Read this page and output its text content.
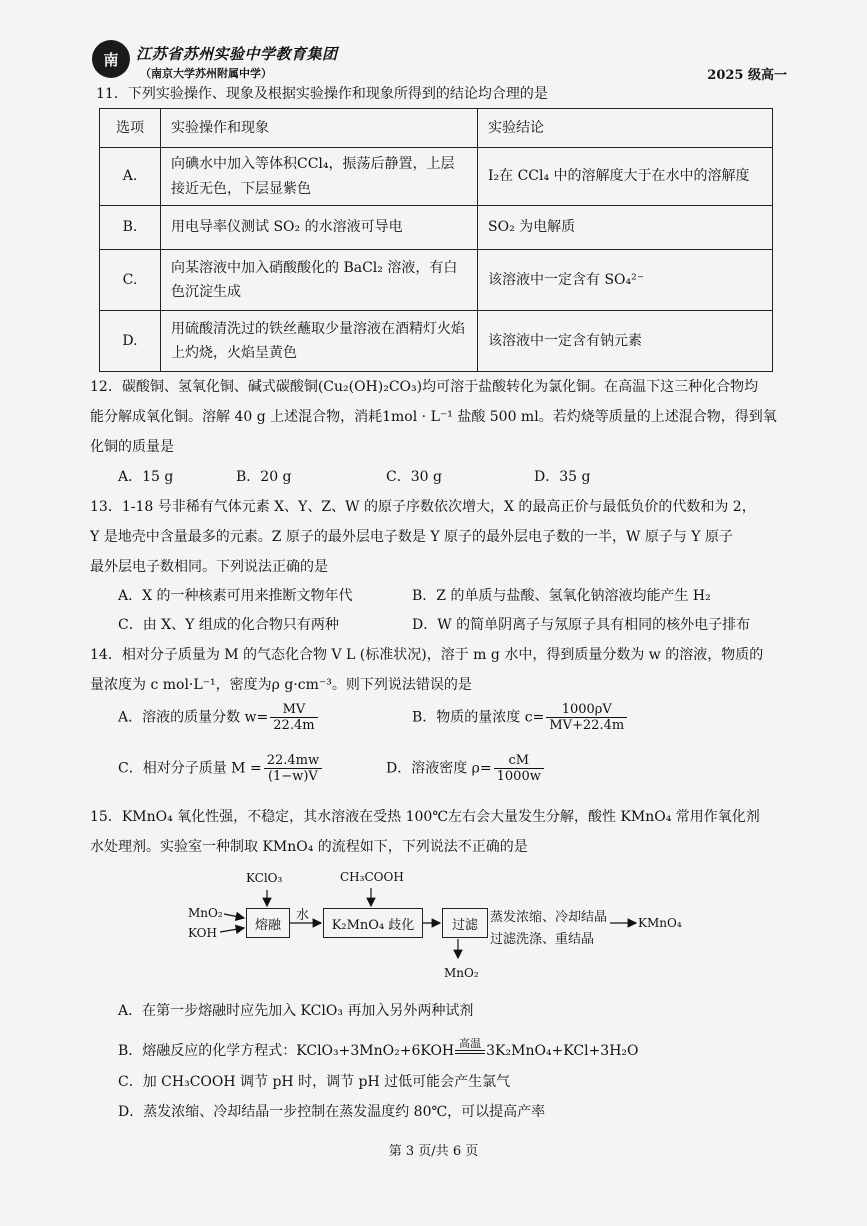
南	江苏省苏州实验中学教育集团
（南京大学苏州附属中学）	2025 级高一
11．下列实验操作、现象及根据实验操作和现象所得到的结论均合理的是
选项	实验操作和现象	实验结论
A.	向碘水中加入等体积CCl₄，振荡后静置，上层接近无色，下层显紫色	I₂在 CCl₄ 中的溶解度大于在水中的溶解度
B.	用电导率仪测试 SO₂ 的水溶液可导电	SO₂ 为电解质
C.	向某溶液中加入硝酸酸化的 BaCl₂ 溶液，有白色沉淀生成	该溶液中一定含有 SO₄²⁻
D.	用硫酸清洗过的铁丝蘸取少量溶液在酒精灯火焰上灼烧，火焰呈黄色	该溶液中一定含有钠元素
12．碳酸铜、氢氧化铜、碱式碳酸铜(Cu₂(OH)₂CO₃)均可溶于盐酸转化为氯化铜。在高温下这三种化合物均
能分解成氧化铜。溶解 40 g 上述混合物，消耗1mol · L⁻¹ 盐酸 500 ml。若灼烧等质量的上述混合物，得到氧
化铜的质量是
A．15 g	B．20 g	C．30 g	D．35 g
13．1-18 号非稀有气体元素 X、Y、Z、W 的原子序数依次增大，X 的最高正价与最低负价的代数和为 2，
Y 是地壳中含量最多的元素。Z 原子的最外层电子数是 Y 原子的最外层电子数的一半，W 原子与 Y 原子
最外层电子数相同。下列说法正确的是
A．X 的一种核素可用来推断文物年代	B．Z 的单质与盐酸、氢氧化钠溶液均能产生 H₂
C．由 X、Y 组成的化合物只有两种	D．W 的简单阴离子与氖原子具有相同的核外电子排布
14．相对分子质量为 M 的气态化合物 V L (标准状况)，溶于 m g 水中，得到质量分数为 w 的溶液，物质的
量浓度为 c mol·L⁻¹，密度为ρ g·cm⁻³。则下列说法错误的是
A．溶液的质量分数 $w= \frac{MV}{22.4m}$	B．物质的量浓度 $c= \frac{1000\rho V}{MV+22.4m}$
C．相对分子质量 $M = \frac{22.4mw}{(1-w)V}$	D．溶液密度 $\rho= \frac{cM}{1000w}$
15．KMnO₄ 氧化性强，不稳定，其水溶液在受热 100℃左右会大量发生分解，酸性 KMnO₄ 常用作氧化剂
水处理剂。实验室一种制取 KMnO₄ 的流程如下，下列说法不正确的是
KClO₃	CH₃COOH
MnO₂
KOH
熔融
水
K₂MnO₄ 歧化	过滤 蒸发浓缩、冷却结晶
过滤洗涤、重结晶
KMnO₄
MnO₂
A．在第一步熔融时应先加入 KClO₃ 再加入另外两种试剂
B．熔融反应的化学方程式：KClO₃+3MnO₂+6KOH 高温 3K₂MnO₄+KCl+3H₂O
C．加 CH₃COOH 调节 pH 时，调节 pH 过低可能会产生氯气
D．蒸发浓缩、冷却结晶一步控制在蒸发温度约 80℃，可以提高产率
第 3 页/共 6 页
